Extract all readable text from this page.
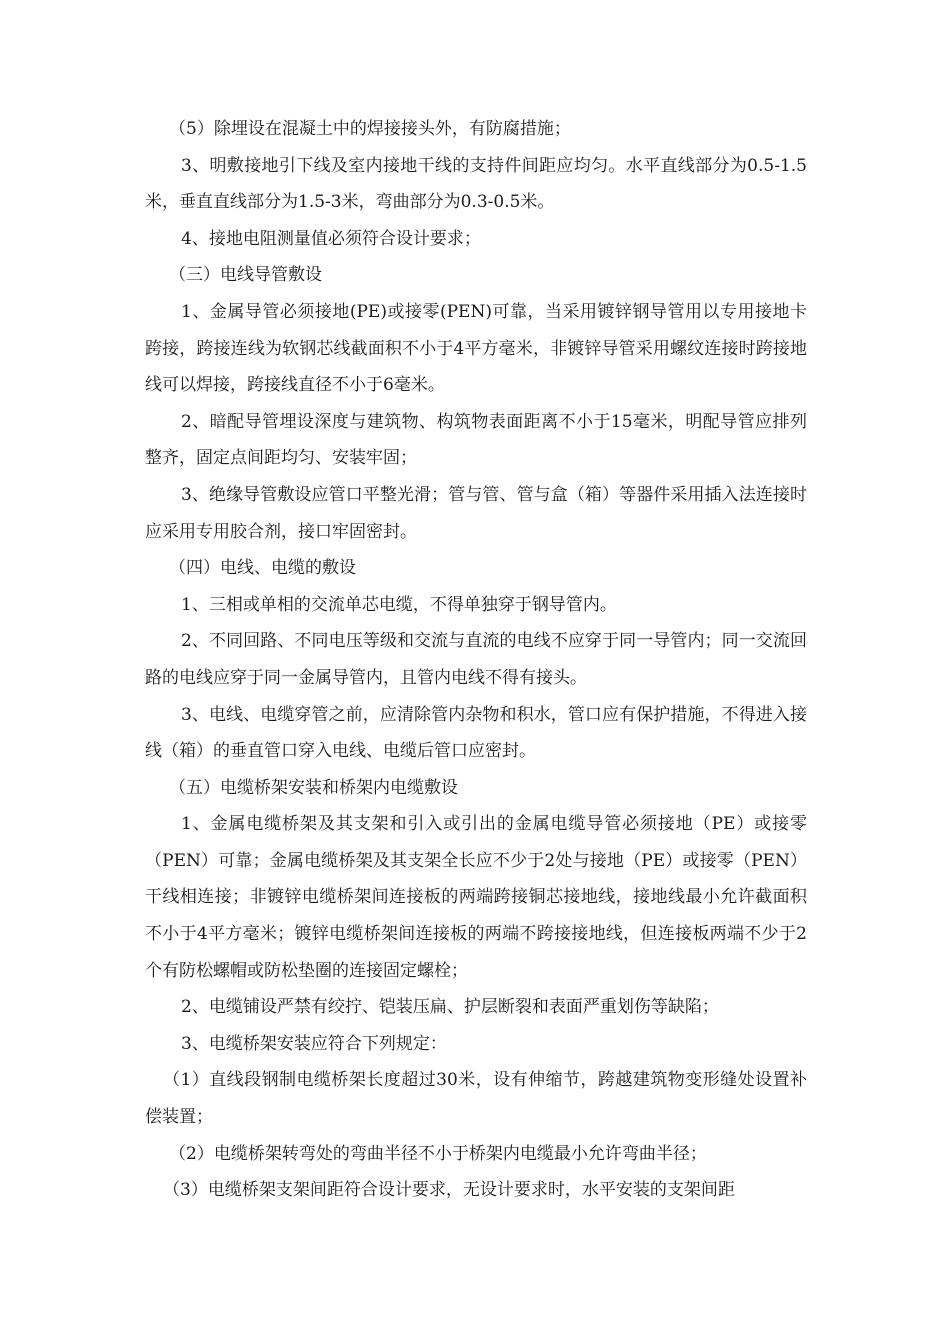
（5）除埋设在混凝土中的焊接接头外，有防腐措施；

3、明敷接地引下线及室内接地干线的支持件间距应均匀。水平直线部分为0.5-1.5米，垂直直线部分为1.5-3米，弯曲部分为0.3-0.5米。

4、接地电阻测量值必须符合设计要求；

（三）电线导管敷设

1、金属导管必须接地(PE)或接零(PEN)可靠，当采用镀锌钢导管用以专用接地卡跨接，跨接连线为软钢芯线截面积不小于4平方毫米，非镀锌导管采用螺纹连接时跨接地线可以焊接，跨接线直径不小于6毫米。

2、暗配导管埋设深度与建筑物、构筑物表面距离不小于15毫米，明配导管应排列整齐，固定点间距均匀、安装牢固；

3、绝缘导管敷设应管口平整光滑；管与管、管与盒（箱）等器件采用插入法连接时应采用专用胶合剂，接口牢固密封。

（四）电线、电缆的敷设

1、三相或单相的交流单芯电缆，不得单独穿于钢导管内。

2、不同回路、不同电压等级和交流与直流的电线不应穿于同一导管内；同一交流回路的电线应穿于同一金属导管内，且管内电线不得有接头。

3、电线、电缆穿管之前，应清除管内杂物和积水，管口应有保护措施，不得进入接线（箱）的垂直管口穿入电线、电缆后管口应密封。

（五）电缆桥架安装和桥架内电缆敷设

1、金属电缆桥架及其支架和引入或引出的金属电缆导管必须接地（PE）或接零（PEN）可靠；金属电缆桥架及其支架全长应不少于2处与接地（PE）或接零（PEN）干线相连接；非镀锌电缆桥架间连接板的两端跨接铜芯接地线，接地线最小允许截面积不小于4平方毫米；镀锌电缆桥架间连接板的两端不跨接接地线，但连接板两端不少于2个有防松螺帽或防松垫圈的连接固定螺栓；

2、电缆铺设严禁有绞拧、铠装压扁、护层断裂和表面严重划伤等缺陷；

3、电缆桥架安装应符合下列规定：

（1）直线段钢制电缆桥架长度超过30米，设有伸缩节，跨越建筑物变形缝处设置补偿装置；

（2）电缆桥架转弯处的弯曲半径不小于桥架内电缆最小允许弯曲半径；

（3）电缆桥架支架间距符合设计要求，无设计要求时，水平安装的支架间距
